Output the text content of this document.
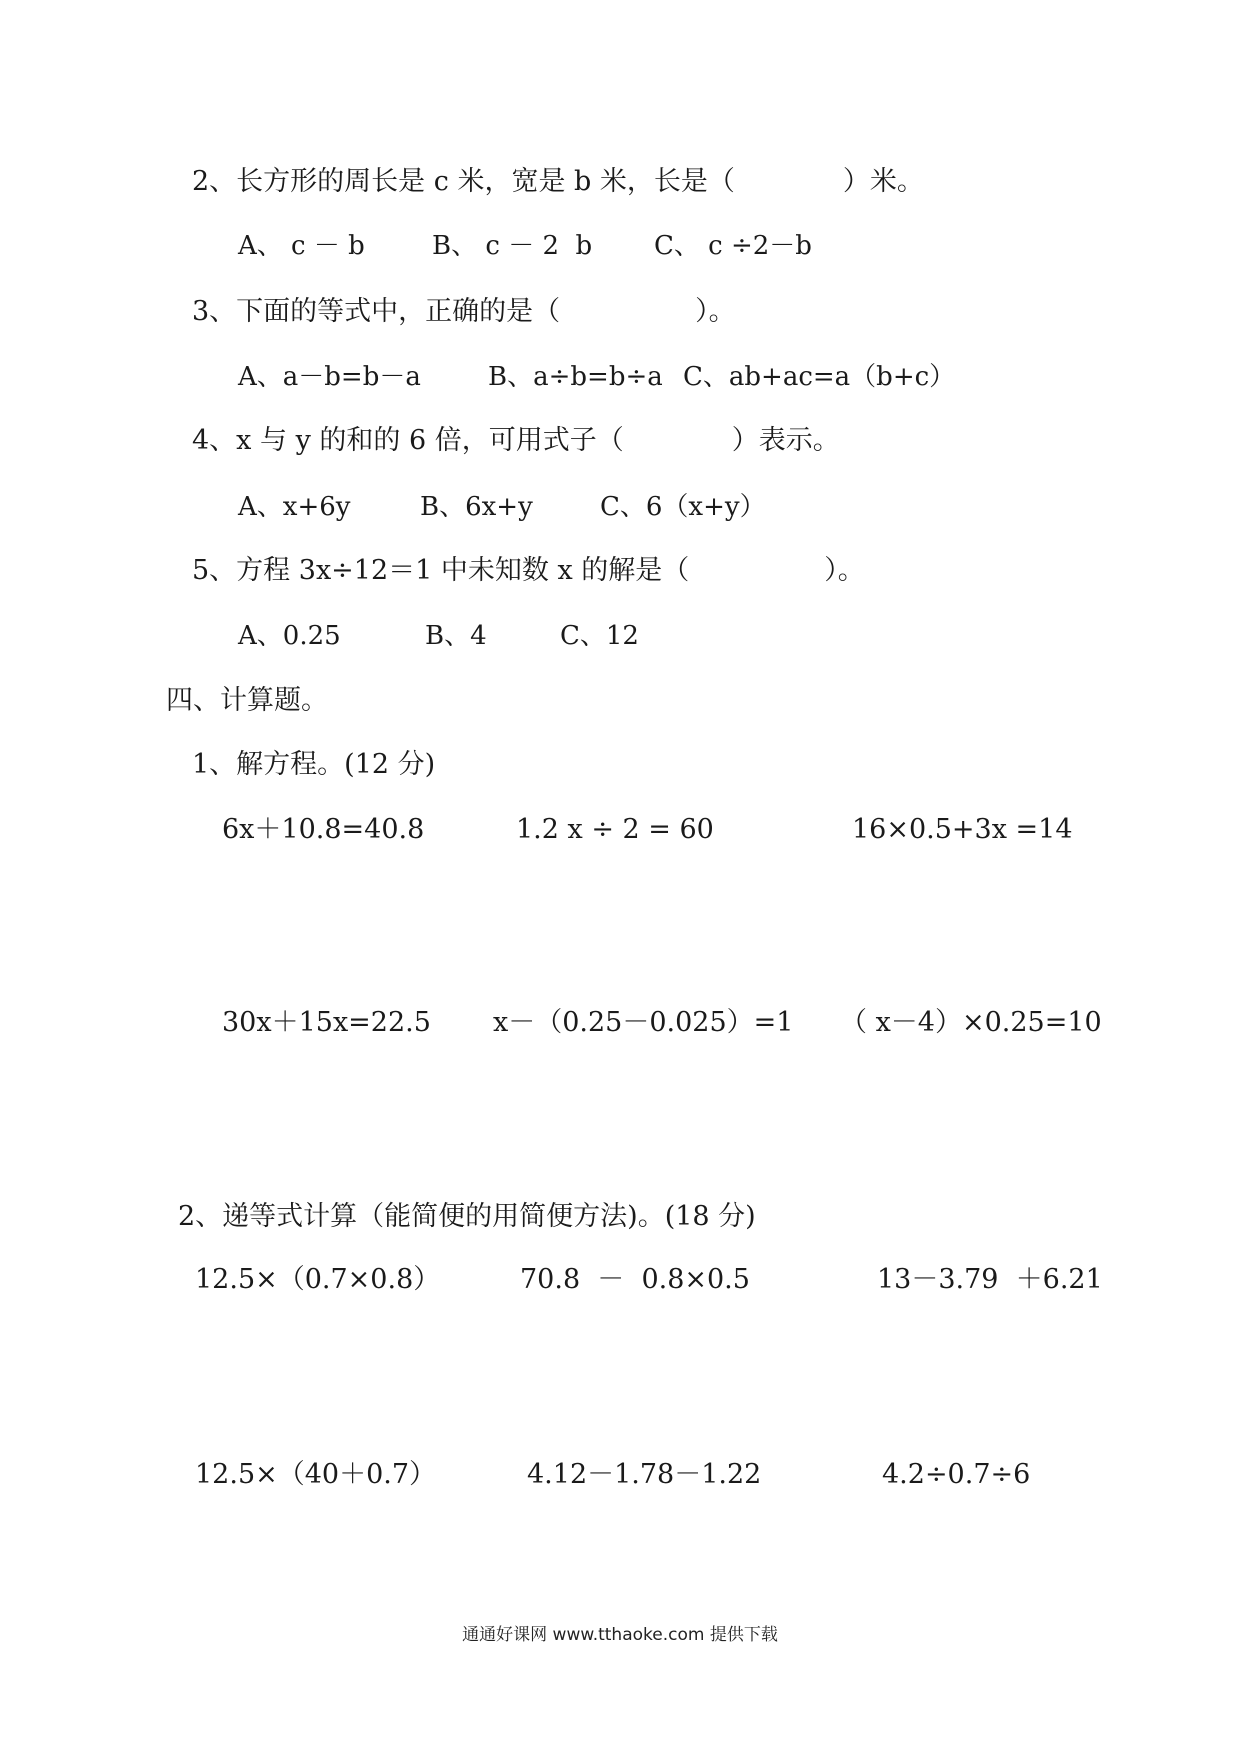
2、长方形的周长是 c 米，宽是 b 米，长是（　　　　）米。
A、 c － b	B、 c － 2  b C、 c ÷2－b
3、下面的等式中，正确的是（　　　　　）。
A、a－b=b－a	B、a÷b=b÷a C、ab+ac=a（b+c）
4、x 与 y 的和的 6 倍，可用式子（　　　　）表示。
A、x+6y	B、6x+y	C、6（x+y）
5、方程 3x÷12＝1 中未知数 x 的解是（　　　　　）。
A、0.25	B、4	C、12
四、计算题。
1、解方程。(12 分)
6x＋10.8=40.8	1.2 x ÷ 2 = 60	16×0.5+3x =14
30x＋15x=22.5 x－（0.25－0.025）=1 （ x－4）×0.25=10
2、递等式计算（能简便的用简便方法)。(18 分)
12.5×（0.7×0.8）	70.8  －  0.8×0.5	13－3.79  ＋6.21
12.5×（40＋0.7）	4.12－1.78－1.22	4.2÷0.7÷6
通通好课网 www.tthaoke.com 提供下载
